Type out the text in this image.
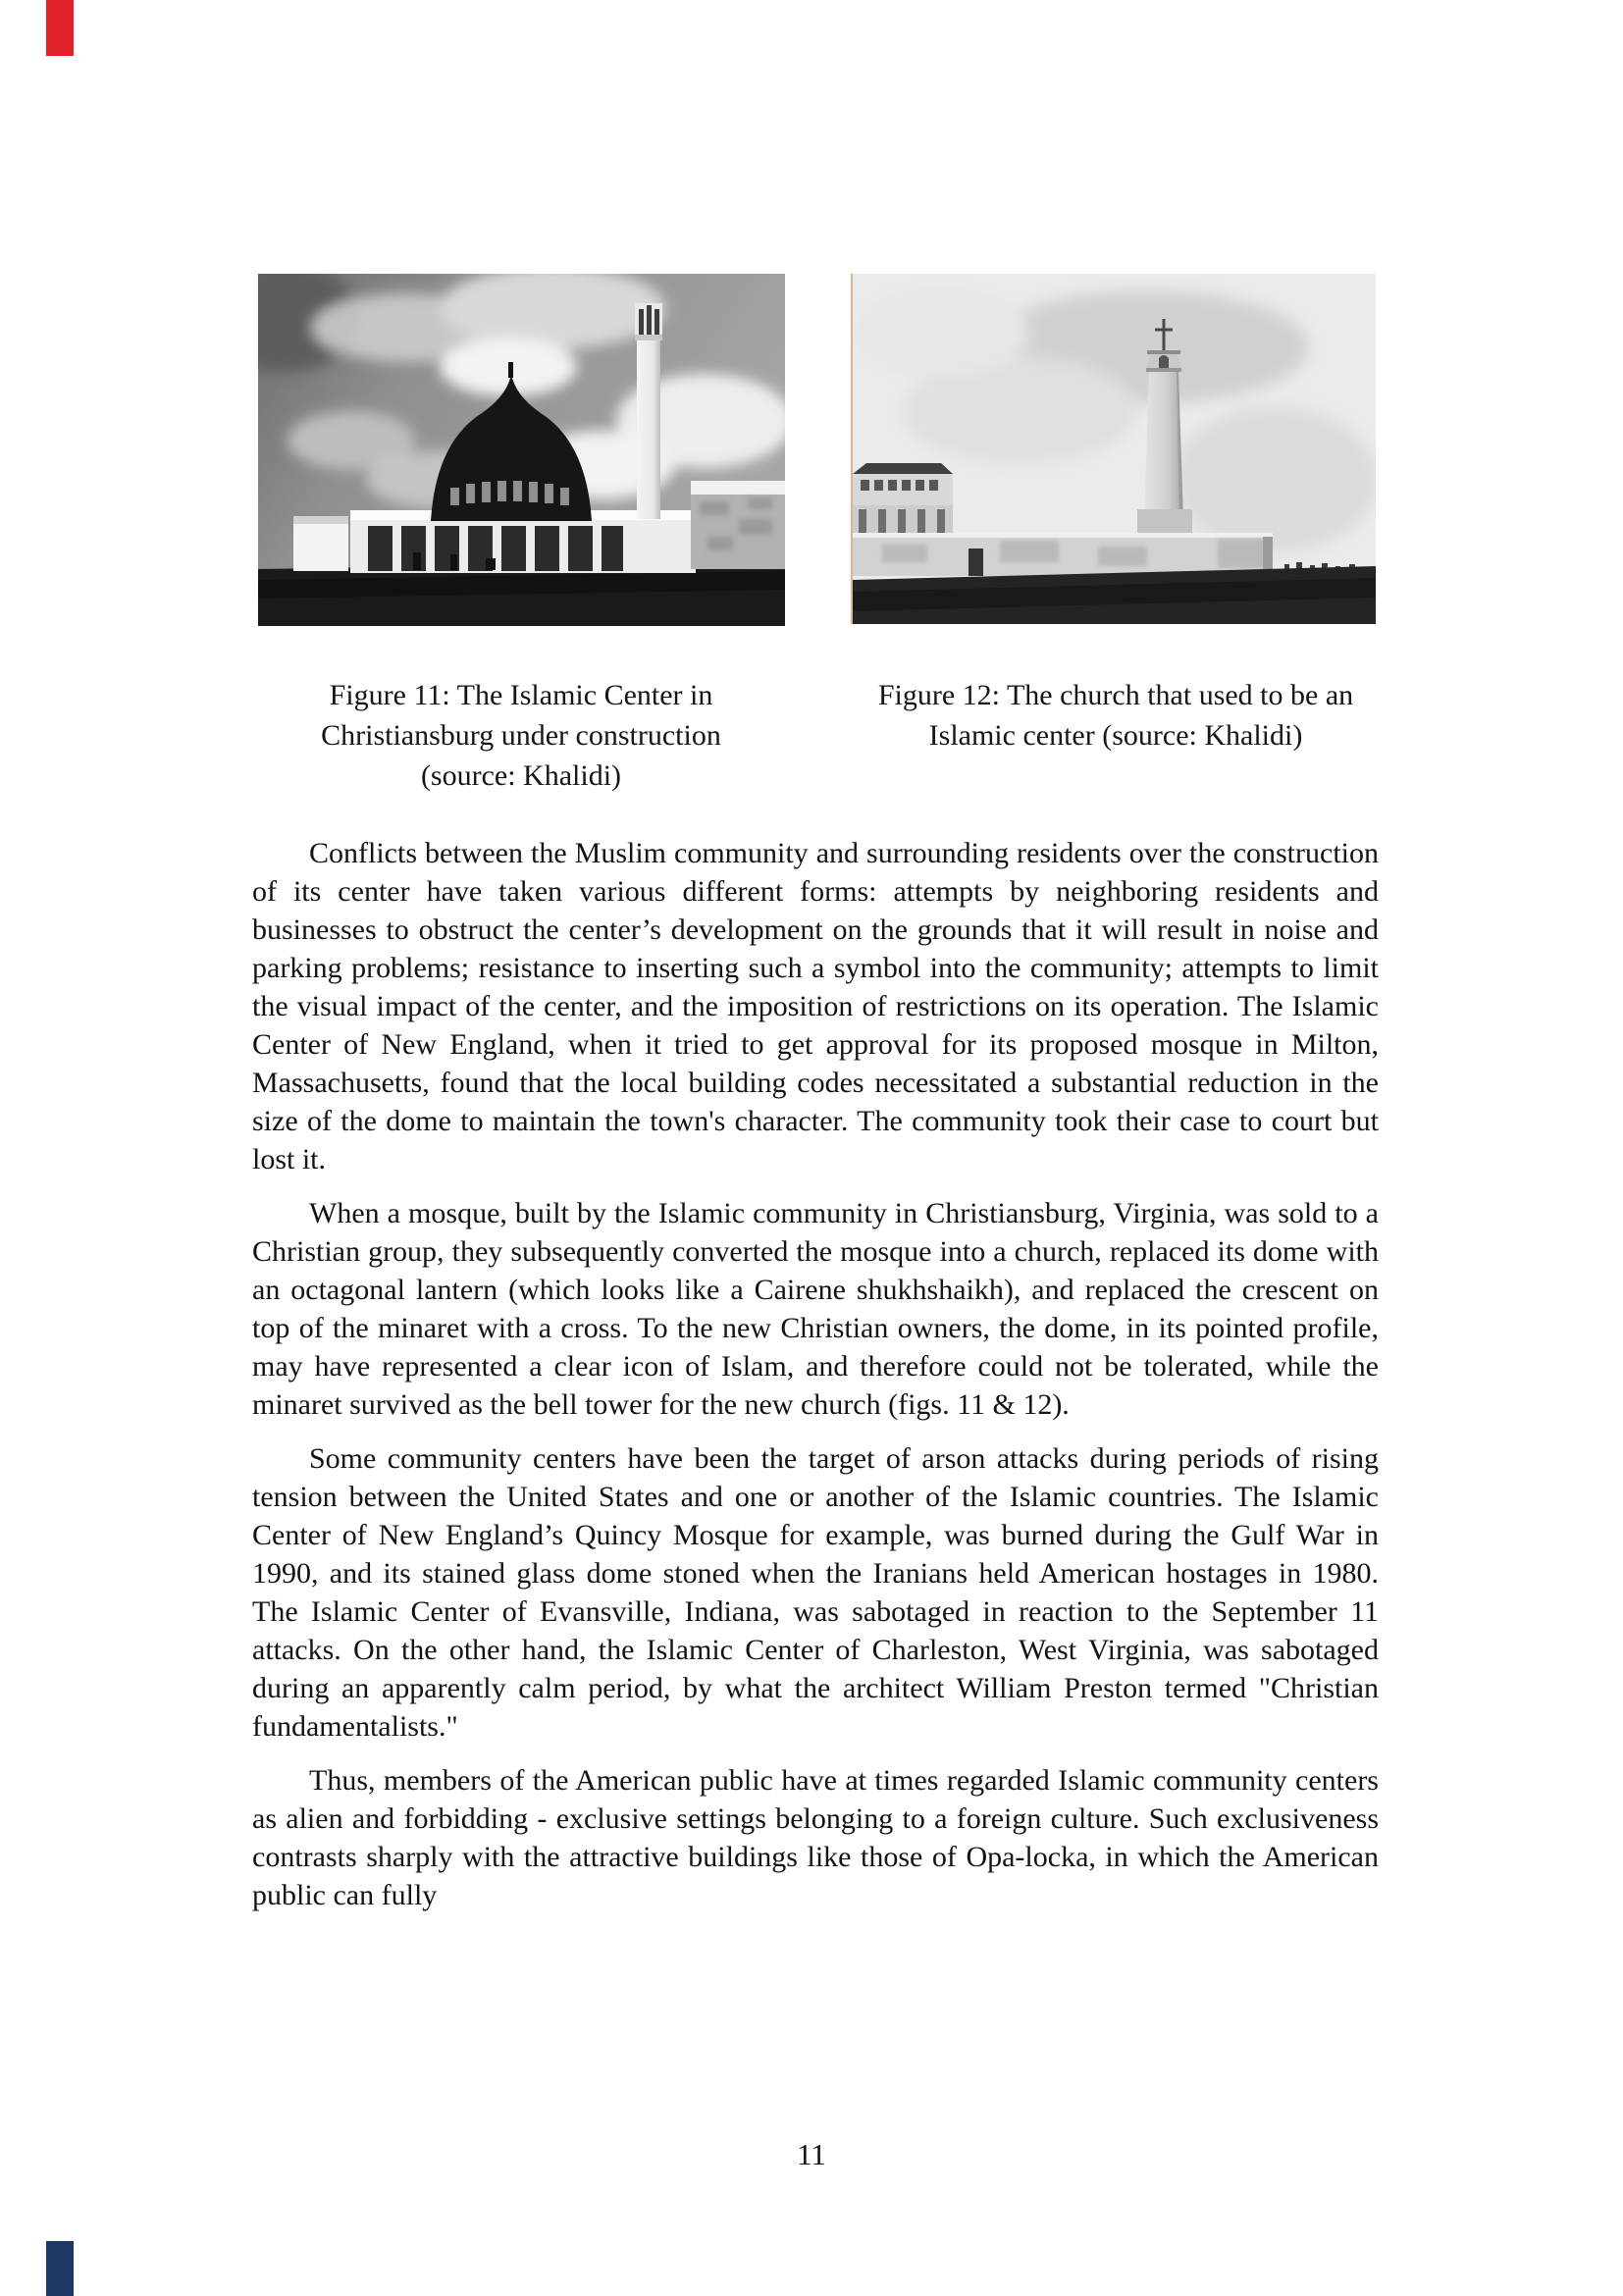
Figure 11: The Islamic Center in Christiansburg under construction (source: Khalidi)
Figure 12: The church that used to be an Islamic center (source: Khalidi)

Conflicts between the Muslim community and surrounding residents over the construction of its center have taken various different forms: attempts by neighboring residents and businesses to obstruct the center’s development on the grounds that it will result in noise and parking problems; resistance to inserting such a symbol into the community; attempts to limit the visual impact of the center, and the imposition of restrictions on its operation. The Islamic Center of New England, when it tried to get approval for its proposed mosque in Milton, Massachusetts, found that the local building codes necessitated a substantial reduction in the size of the dome to maintain the town's character. The community took their case to court but lost it.

When a mosque, built by the Islamic community in Christiansburg, Virginia, was sold to a Christian group, they subsequently converted the mosque into a church, replaced its dome with an octagonal lantern (which looks like a Cairene shukhshaikh), and replaced the crescent on top of the minaret with a cross. To the new Christian owners, the dome, in its pointed profile, may have represented a clear icon of Islam, and therefore could not be tolerated, while the minaret survived as the bell tower for the new church (figs. 11 & 12).

Some community centers have been the target of arson attacks during periods of rising tension between the United States and one or another of the Islamic countries. The Islamic Center of New England’s Quincy Mosque for example, was burned during the Gulf War in 1990, and its stained glass dome stoned when the Iranians held American hostages in 1980. The Islamic Center of Evansville, Indiana, was sabotaged in reaction to the September 11 attacks. On the other hand, the Islamic Center of Charleston, West Virginia, was sabotaged during an apparently calm period, by what the architect William Preston termed "Christian fundamentalists."

Thus, members of the American public have at times regarded Islamic community centers as alien and forbidding - exclusive settings belonging to a foreign culture. Such exclusiveness contrasts sharply with the attractive buildings like those of Opa-locka, in which the American public can fully

11
